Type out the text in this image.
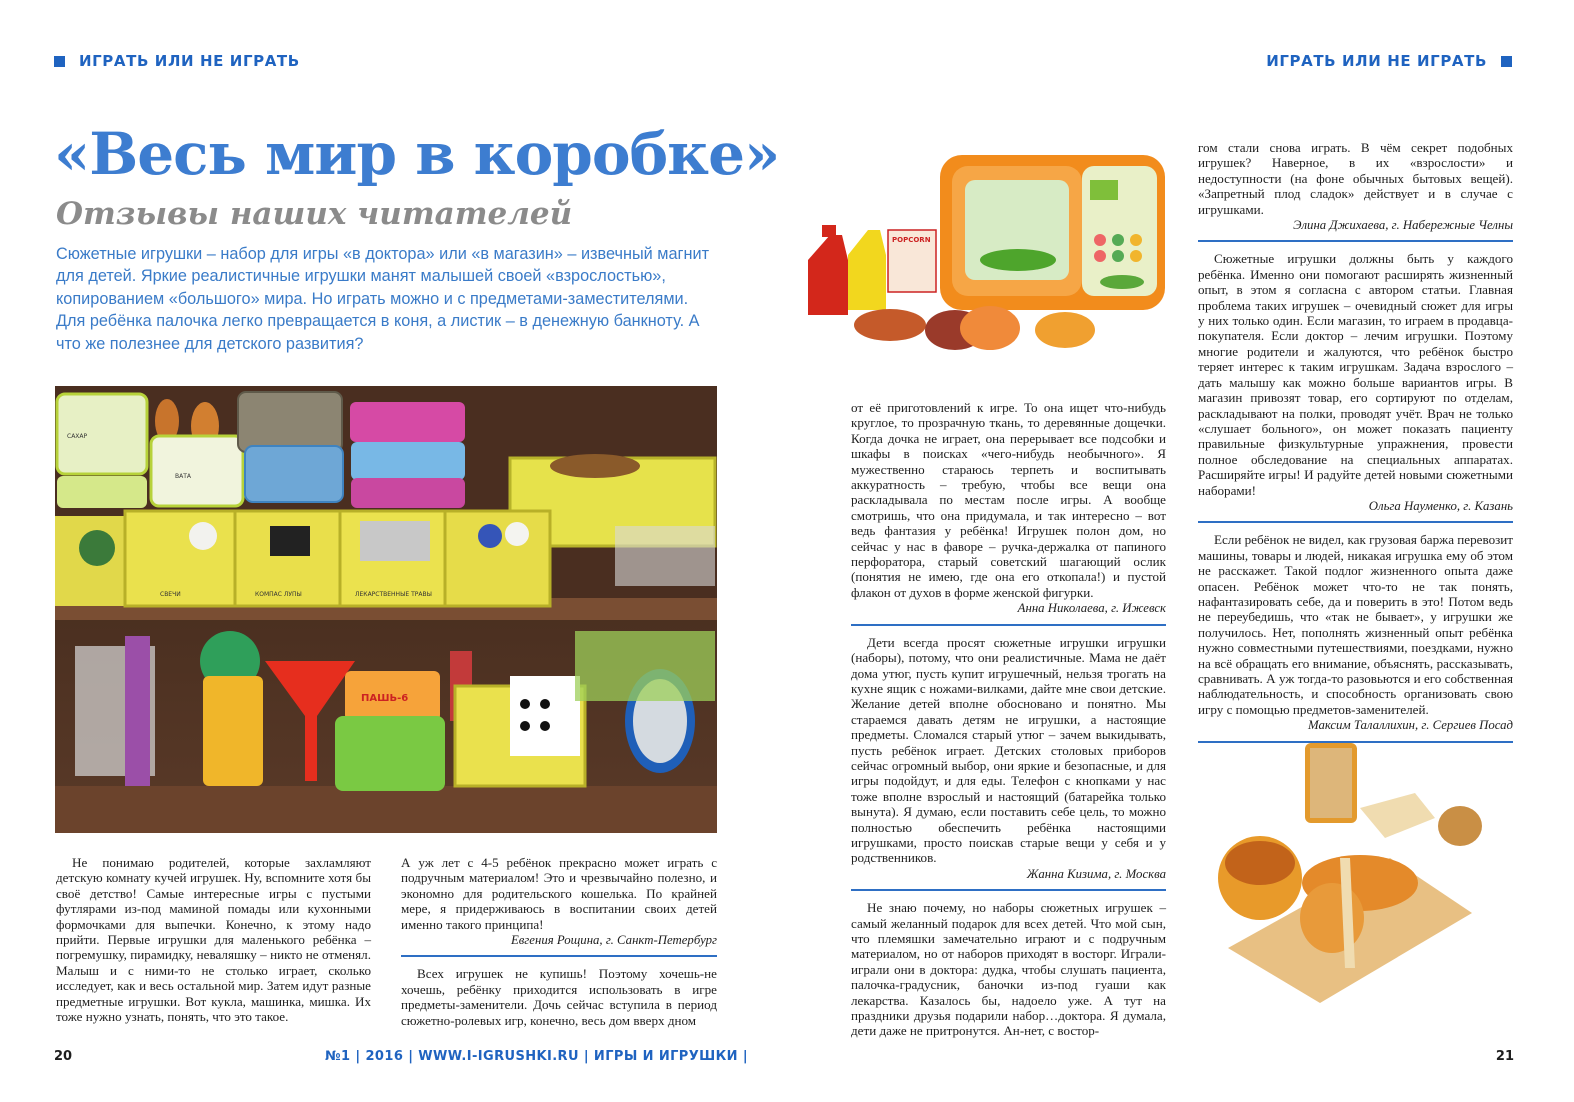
ИГРАТЬ ИЛИ НЕ ИГРАТЬ	ИГРАТЬ ИЛИ НЕ ИГРАТЬ
«Весь мир в коробке»
Отзывы наших читателей
Сюжетные игрушки – набор для игры «в доктора» или «в магазин» – извечный магнит для детей. Яркие реалистичные игрушки манят малышей своей «взрослостью», копированием «большого» мира. Но играть можно и с предметами-заместителями. Для ребёнка палочка легко превращается в коня, а листик – в денежную банкноту. А что же полезнее для детского развития?
САХАР
ВАТА
СВЕЧИ	КОМПАС ЛУПЫ	ЛЕКАРСТВЕННЫЕ ТРАВЫ
ПАШЬ-6
POPCORN

Не понимаю родителей, которые захламляют детскую комнату кучей игрушек. Ну, вспомните хотя бы своё детство! Самые интересные игры с пустыми футлярами из-под маминой помады или кухонными формочками для выпечки. Конечно, к этому надо прийти. Первые игрушки для маленького ребёнка – погремушку, пирамидку, неваляшку – никто не отменял. Малыш и с ними-то не столько играет, сколько исследует, как и весь остальной мир. Затем идут разные предметные игрушки. Вот кукла, машинка, мишка. Их тоже нужно узнать, понять, что это такое.

А уж лет с 4-5 ребёнок прекрасно может играть с подручным материалом! Это и чрезвычайно полезно, и экономно для родительского кошелька. По крайней мере, я придерживаюсь в воспитании своих детей именно такого принципа!

Евгения Рощина, г. Санкт-Петербург

Всех игрушек не купишь! Поэтому хочешь-не хочешь, ребёнку приходится использовать в игре предметы-заменители. Дочь сейчас вступила в период сюжетно-ролевых игр, конечно, весь дом вверх дном

от её приготовлений к игре. То она ищет что-нибудь круглое, то прозрачную ткань, то деревянные дощечки. Когда дочка не играет, она перерывает все подсобки и шкафы в поисках «чего-нибудь необычного». Я мужественно стараюсь терпеть и воспитывать аккуратность – требую, чтобы все вещи она раскладывала по местам после игры. А вообще смотришь, что она придумала, и так интересно – вот ведь фантазия у ребёнка! Игрушек полон дом, но сейчас у нас в фаворе – ручка-держалка от папиного перфоратора, старый советский шагающий ослик (понятия не имею, где она его откопала!) и пустой флакон от духов в форме женской фигурки.

Анна Николаева, г. Ижевск

Дети всегда просят сюжетные игрушки игрушки (наборы), потому, что они реалистичные. Мама не даёт дома утюг, пусть купит игрушечный, нельзя трогать на кухне ящик с ножами-вилками, дайте мне свои детские. Желание детей вполне обосновано и понятно. Мы стараемся давать детям не игрушки, а настоящие предметы. Сломался старый утюг – зачем выкидывать, пусть ребёнок играет. Детских столовых приборов сейчас огромный выбор, они яркие и безопасные, и для игры подойдут, и для еды. Телефон с кнопками у нас тоже вполне взрослый и настоящий (батарейка только вынута). Я думаю, если поставить себе цель, то можно полностью обеспечить ребёнка настоящими игрушками, просто поискав старые вещи у себя и у родственников.

Жанна Кизима, г. Москва

Не знаю почему, но наборы сюжетных игрушек – самый желанный подарок для всех детей. Что мой сын, что племяшки замечательно играют и с подручным материалом, но от наборов приходят в восторг. Играли-играли они в доктора: дудка, чтобы слушать пациента, палочка-градусник, баночки из-под гуаши как лекарства. Казалось бы, надоело уже. А тут на праздники друзья подарили набор…доктора. Я думала, дети даже не притронутся. Ан-нет, с востор-

гом стали снова играть. В чём секрет подобных игрушек? Наверное, в их «взрослости» и недоступности (на фоне обычных бытовых вещей). «Запретный плод сладок» действует и в случае с игрушками.

Элина Джихаева, г. Набережные Челны

Сюжетные игрушки должны быть у каждого ребёнка. Именно они помогают расширять жизненный опыт, в этом я согласна с автором статьи. Главная проблема таких игрушек – очевидный сюжет для игры у них только один. Если магазин, то играем в продавца-покупателя. Если доктор – лечим игрушки. Поэтому многие родители и жалуются, что ребёнок быстро теряет интерес к таким игрушкам. Задача взрослого – дать малышу как можно больше вариантов игры. В магазин привозят товар, его сортируют по отделам, раскладывают на полки, проводят учёт. Врач не только «слушает больного», он может показать пациенту правильные физкультурные упражнения, провести полное обследование на специальных аппаратах. Расширяйте игры! И радуйте детей новыми сюжетными наборами!

Ольга Науменко, г. Казань

Если ребёнок не видел, как грузовая баржа перевозит машины, товары и людей, никакая игрушка ему об этом не расскажет. Такой подлог жизненного опыта даже опасен. Ребёнок может что-то не так понять, нафантазировать себе, да и поверить в это! Потом ведь не переубедишь, что «так не бывает», у игрушки же получилось. Нет, пополнять жизненный опыт ребёнка нужно совместными путешествиями, поездками, нужно на всё обращать его внимание, объяснять, рассказывать, сравнивать. А уж тогда-то разовьются и его собственная наблюдательность, и способность организовать свою игру с помощью предметов-заменителей.

Максим Талаллихин, г. Сергиев Посад
20	№1 | 2016 | WWW.I-IGRUSHKI.RU | ИГРЫ И ИГРУШКИ |	21
